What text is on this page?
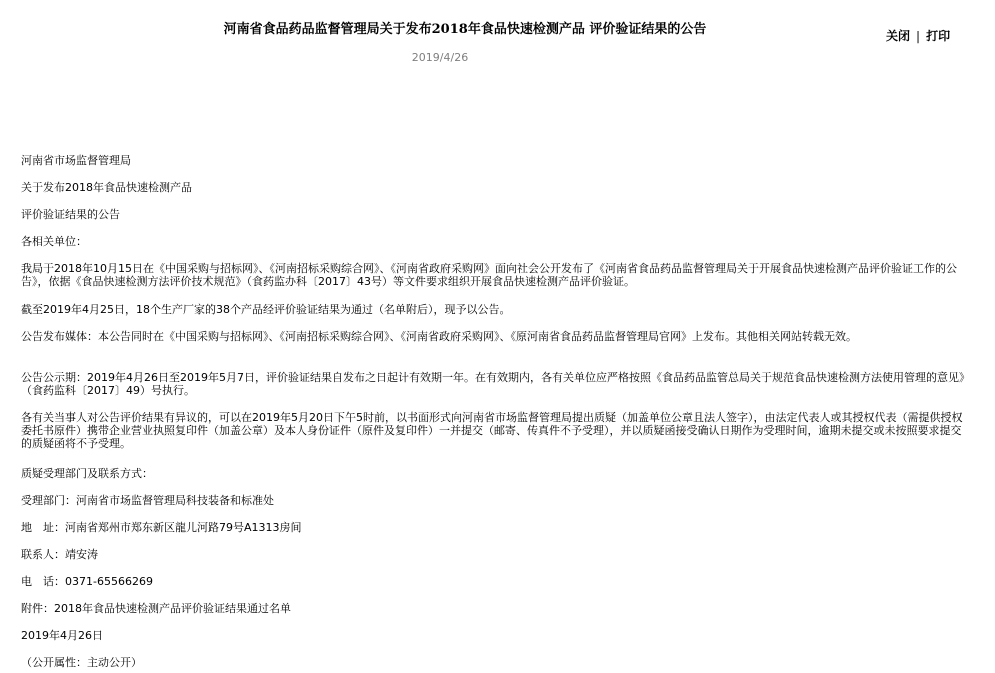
河南省食品药品监督管理局关于发布2018年食品快速检测产品 评价验证结果的公告
2019/4/26
关闭 | 打印
河南省市场监督管理局
关于发布2018年食品快速检测产品
评价验证结果的公告
各相关单位：
我局于2018年10月15日在《中国采购与招标网》、《河南招标采购综合网》、《河南省政府采购网》面向社会公开发布了《河南省食品药品监督管理局关于开展食品快速检测产品评价验证工作的公告》，依据《食品快速检测方法评价技术规范》（食药监办科〔2017〕43号）等文件要求组织开展食品快速检测产品评价验证。
截至2019年4月25日，18个生产厂家的38个产品经评价验证结果为通过（名单附后），现予以公告。
公告发布媒体：本公告同时在《中国采购与招标网》、《河南招标采购综合网》、《河南省政府采购网》、《原河南省食品药品监督管理局官网》上发布。其他相关网站转载无效。
公告公示期：2019年4月26日至2019年5月7日，评价验证结果自发布之日起计有效期一年。在有效期内，各有关单位应严格按照《食品药品监管总局关于规范食品快速检测方法使用管理的意见》（食药监科〔2017〕49）号执行。
各有关当事人对公告评价结果有异议的，可以在2019年5月20日下午5时前，以书面形式向河南省市场监督管理局提出质疑（加盖单位公章且法人签字），由法定代表人或其授权代表（需提供授权委托书原件）携带企业营业执照复印件（加盖公章）及本人身份证件（原件及复印件）一并提交（邮寄、传真件不予受理），并以质疑函接受确认日期作为受理时间，逾期未提交或未按照要求提交的质疑函将不予受理。
质疑受理部门及联系方式：
受理部门：河南省市场监督管理局科技装备和标准处
地　址：河南省郑州市郑东新区龍儿河路79号A1313房间
联系人：靖安涛
电　话：0371-65566269
附件：2018年食品快速检测产品评价验证结果通过名单
2019年4月26日
（公开属性：主动公开）
